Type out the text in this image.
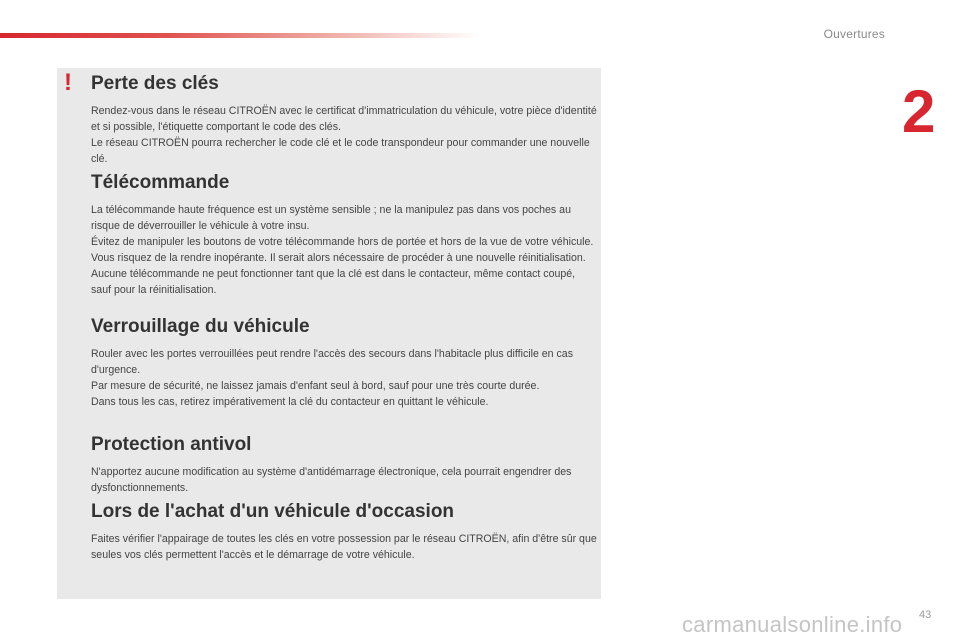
Ouvertures
2
! Perte des clés

Rendez-vous dans le réseau CITROËN avec le certificat d'immatriculation du véhicule, votre pièce d'identité et si possible, l'étiquette comportant le code des clés.

Le réseau CITROËN pourra rechercher le code clé et le code transpondeur pour commander une nouvelle clé.

Télécommande

La télécommande haute fréquence est un système sensible ; ne la manipulez pas dans vos poches au risque de déverrouiller le véhicule à votre insu.

Évitez de manipuler les boutons de votre télécommande hors de portée et hors de la vue de votre véhicule. Vous risquez de la rendre inopérante. Il serait alors nécessaire de procéder à une nouvelle réinitialisation.

Aucune télécommande ne peut fonctionner tant que la clé est dans le contacteur, même contact coupé, sauf pour la réinitialisation.

Verrouillage du véhicule

Rouler avec les portes verrouillées peut rendre l'accès des secours dans l'habitacle plus difficile en cas d'urgence.

Par mesure de sécurité, ne laissez jamais d'enfant seul à bord, sauf pour une très courte durée.

Dans tous les cas, retirez impérativement la clé du contacteur en quittant le véhicule.

Protection antivol

N'apportez aucune modification au système d'antidémarrage électronique, cela pourrait engendrer des dysfonctionnements.

Lors de l'achat d'un véhicule d'occasion

Faites vérifier l'appairage de toutes les clés en votre possession par le réseau CITROËN, afin d'être sûr que seules vos clés permettent l'accès et le démarrage de votre véhicule.

43
carmanualsonline.info
